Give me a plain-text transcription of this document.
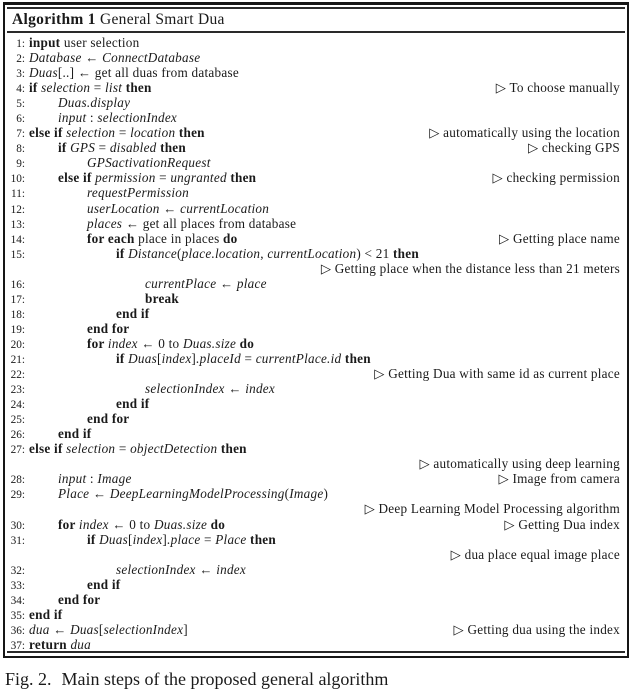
Algorithm 1 General Smart Dua
1: input user selection
2: Database ← ConnectDatabase
3: Duas[..] ← get all duas from database
4: if selection = list then	▷ To choose manually
5:	Duas.display
6:	input : selectionIndex
7: else if selection = location then	▷ automatically using the location
8:	if GPS = disabled then	▷ checking GPS
9:	GPSactivationRequest
10:	else if permission = ungranted then	▷ checking permission
11:	requestPermission
12:	userLocation ← currentLocation
13:	places ← get all places from database
14:	for each place in places do	▷ Getting place name
15:	if Distance(place.location, currentLocation) < 21 then
▷ Getting place when the distance less than 21 meters
16:	currentPlace ← place
17:	break
18:	end if
19:	end for
20:	for index ← 0 to Duas.size do
21:	if Duas[index].placeId = currentPlace.id then
22:	▷ Getting Dua with same id as current place
23:	selectionIndex ← index
24:	end if
25:	end for
26:	end if
27: else if selection = objectDetection then
▷ automatically using deep learning
28:	input : Image	▷ Image from camera
29:	Place ← DeepLearningModelProcessing(Image)
▷ Deep Learning Model Processing algorithm
30:	for index ← 0 to Duas.size do	▷ Getting Dua index
31:	if Duas[index].place = Place then
▷ dua place equal image place
32:	selectionIndex ← index
33:	end if
34:	end for
35: end if
36: dua ← Duas[selectionIndex]	▷ Getting dua using the index
37: return dua
Fig. 2. Main steps of the proposed general algorithm
